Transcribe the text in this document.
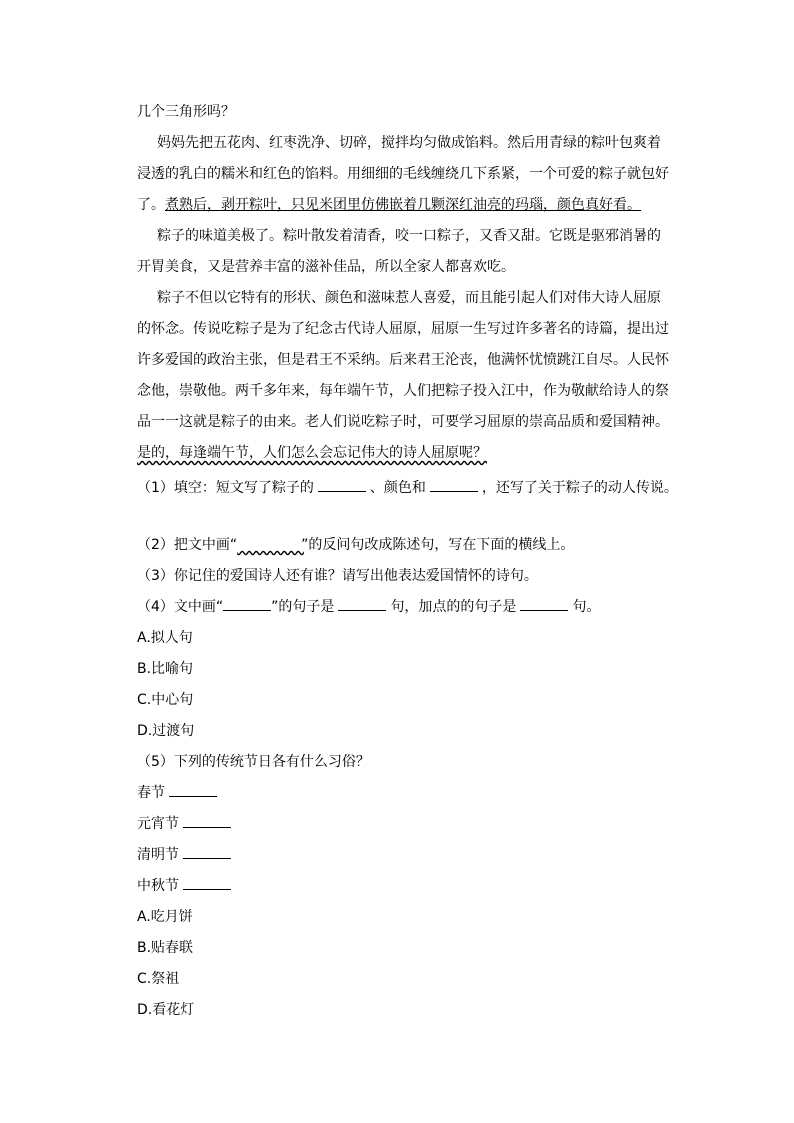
几个三角形吗？
妈妈先把五花肉、红枣洗净、切碎，搅拌均匀做成馅料。然后用青绿的粽叶包爽着
浸透的乳白的糯米和红色的馅料。用细细的毛线缠绕几下系紧，一个可爱的粽子就包好
了。煮熟后，剥开粽叶，只见米团里仿佛嵌着几颗深红油亮的玛瑙，颜色真好看。
粽子的味道美极了。粽叶散发着清香，咬一口粽子，又香又甜。它既是驱邪消暑的
开胃美食，又是营养丰富的滋补佳品，所以全家人都喜欢吃。
粽子不但以它特有的形状、颜色和滋味惹人喜爱，而且能引起人们对伟大诗人屈原
的怀念。传说吃粽子是为了纪念古代诗人屈原，屈原一生写过许多著名的诗篇，提出过
许多爱国的政治主张，但是君王不采纳。后来君王沦丧，他满怀忧愤跳江自尽。人民怀
念他，崇敬他。两千多年来，每年端午节，人们把粽子投入江中，作为敬献给诗人的祭
品一一这就是粽子的由来。老人们说吃粽子时，可要学习屈原的崇高品质和爱国精神。
是的，每逢端午节，人们怎么会忘记伟大的诗人屈原呢？
（1）填空：短文写了粽子的	、颜色和	，还写了关于粽子的动人传说。
（2）把文中画“	”的反问句改成陈述句，写在下面的横线上。
（3）你记住的爱国诗人还有谁？请写出他表达爱国情怀的诗句。
（4）文中画“	”的句子是	句，加点的的句子是	句。
A.拟人句
B.比喻句
C.中心句
D.过渡句
（5）下列的传统节日各有什么习俗？
春节
元宵节
清明节
中秋节
A.吃月饼
B.贴春联
C.祭祖
D.看花灯
